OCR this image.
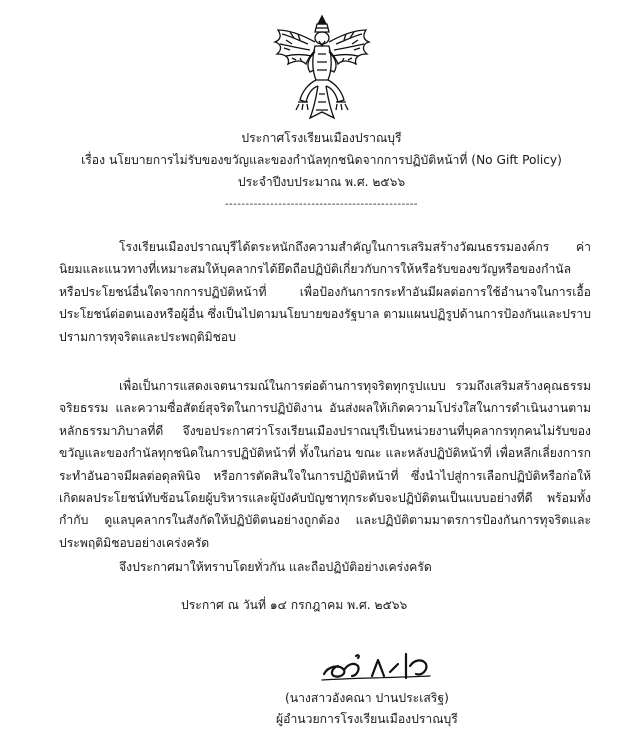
ประกาศโรงเรียนเมืองปราณบุรี
เรื่อง นโยบายการไม่รับของขวัญและของกำนัลทุกชนิดจากการปฏิบัติหน้าที่ (No Gift Policy)
ประจำปีงบประมาณ พ.ศ. ๒๕๖๖
-----------------------------------------------
โรงเรียนเมืองปราณบุรีได้ตระหนักถึงความสำคัญในการเสริมสร้างวัฒนธรรมองค์กร ค่านิยมและแนวทางที่เหมาะสมให้บุคลากรได้ยึดถือปฏิบัติเกี่ยวกับการให้หรือรับของขวัญหรือของกำนัล หรือประโยชน์อื่นใดจากการปฏิบัติหน้าที่ เพื่อป้องกันการกระทำอันมีผลต่อการใช้อำนาจในการเอื้อประโยชน์ต่อตนเองหรือผู้อื่น ซึ่งเป็นไปตามนโยบายของรัฐบาล ตามแผนปฏิรูปด้านการป้องกันและปราบปรามการทุจริตและประพฤติมิชอบ
เพื่อเป็นการแสดงเจตนารมณ์ในการต่อต้านการทุจริตทุกรูปแบบ รวมถึงเสริมสร้างคุณธรรมจริยธรรม และความซื่อสัตย์สุจริตในการปฏิบัติงาน อันส่งผลให้เกิดความโปร่งใสในการดำเนินงานตามหลักธรรมาภิบาลที่ดี จึงขอประกาศว่าโรงเรียนเมืองปราณบุรีเป็นหน่วยงานที่บุคลากรทุกคนไม่รับของขวัญและของกำนัลทุกชนิดในการปฏิบัติหน้าที่ ทั้งในก่อน ขณะ และหลังปฏิบัติหน้าที่ เพื่อหลีกเลี่ยงการกระทำอันอาจมีผลต่อดุลพินิจ หรือการตัดสินใจในการปฏิบัติหน้าที่ ซึ่งนำไปสู่การเลือกปฏิบัติหรือก่อให้เกิดผลประโยชน์ทับซ้อนโดยผู้บริหารและผู้บังคับบัญชาทุกระดับจะปฏิบัติตนเป็นแบบอย่างที่ดี พร้อมทั้ง กำกับ ดูแลบุคลากรในสังกัดให้ปฏิบัติตนอย่างถูกต้อง และปฏิบัติตามมาตรการป้องกันการทุจริตและประพฤติมิชอบอย่างเคร่งครัด
จึงประกาศมาให้ทราบโดยทั่วกัน และถือปฏิบัติอย่างเคร่งครัด
ประกาศ ณ วันที่ ๑๔ กรกฎาคม พ.ศ. ๒๕๖๖
(นางสาวอังคณา ปานประเสริฐ)
ผู้อำนวยการโรงเรียนเมืองปราณบุรี
